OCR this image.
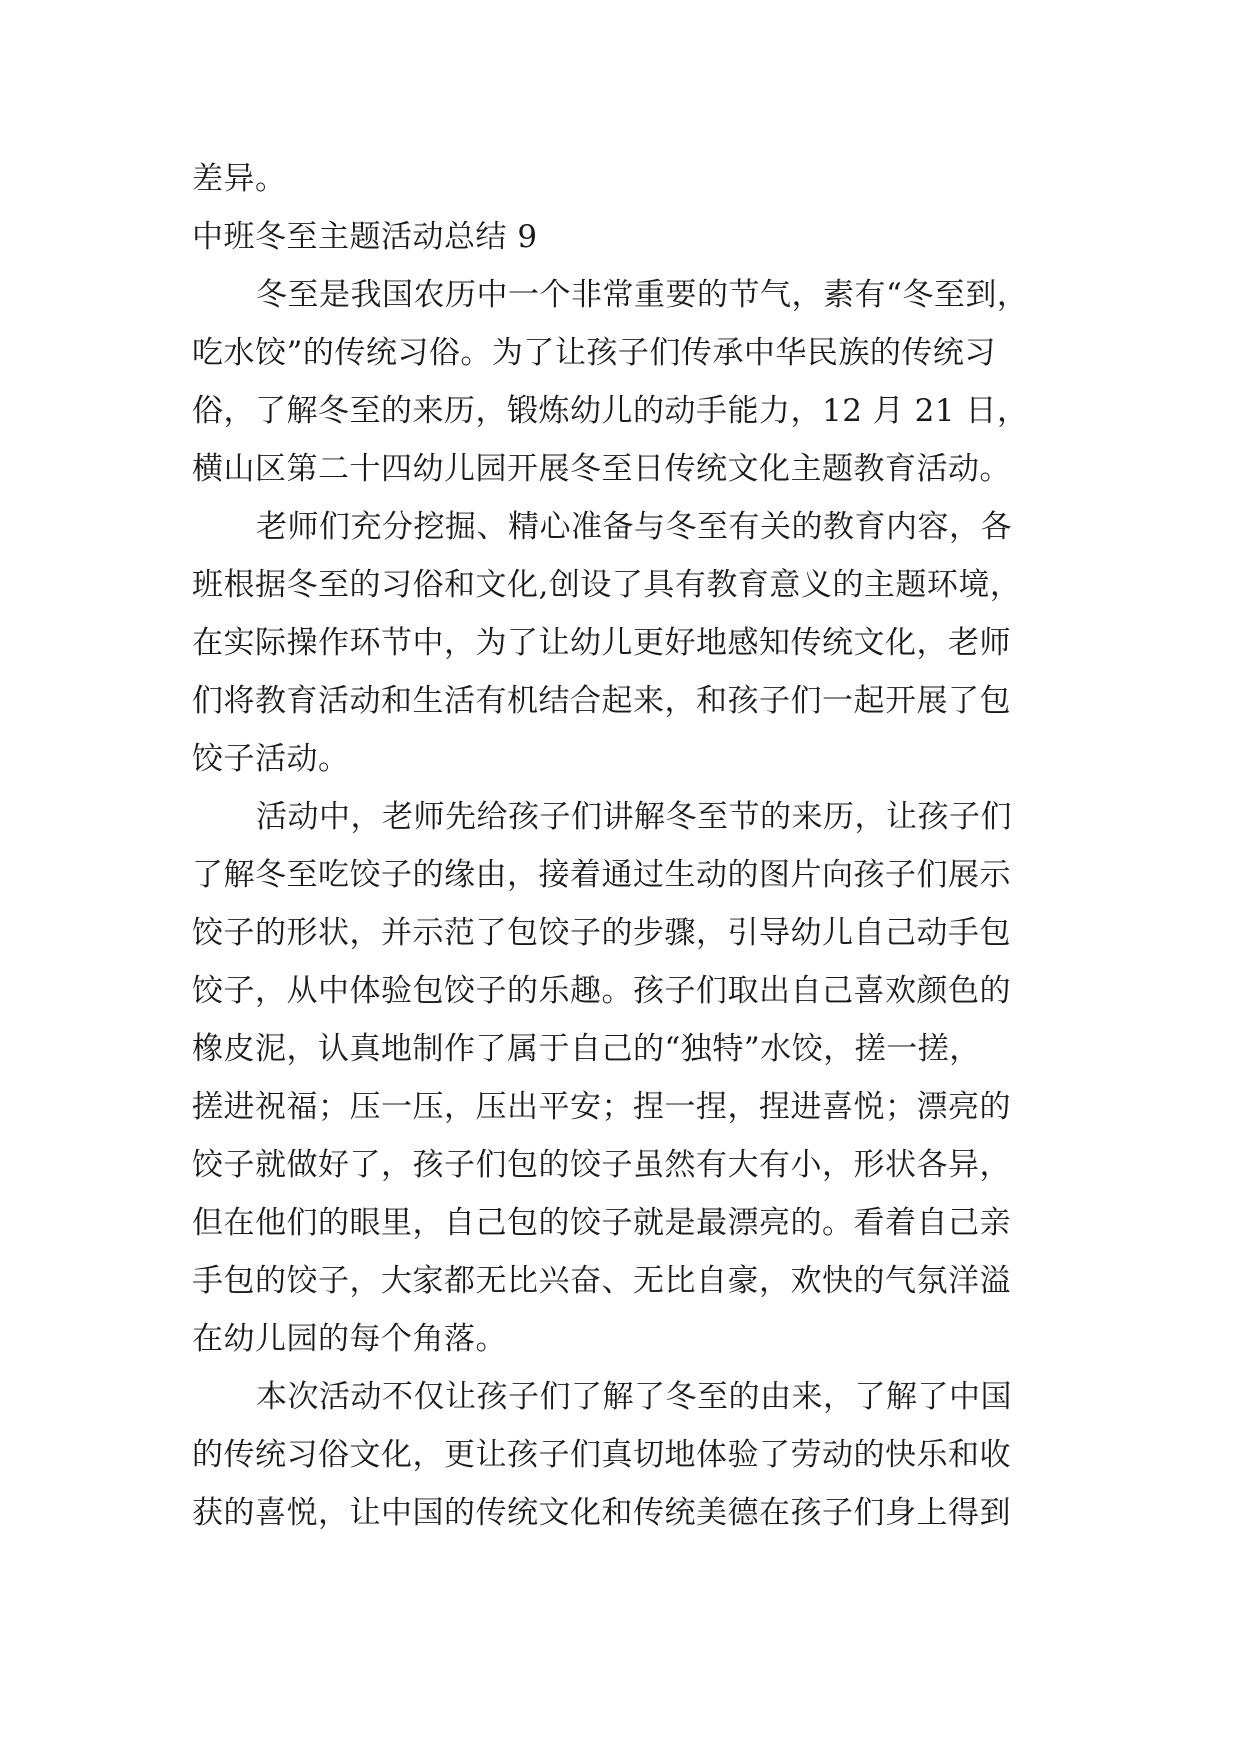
差异。
中班冬至主题活动总结 9
冬至是我国农历中一个非常重要的节气，素有“冬至到，
吃水饺”的传统习俗。为了让孩子们传承中华民族的传统习
俗，了解冬至的来历，锻炼幼儿的动手能力，12 月 21 日，
横山区第二十四幼儿园开展冬至日传统文化主题教育活动。
老师们充分挖掘、精心准备与冬至有关的教育内容，各
班根据冬至的习俗和文化,创设了具有教育意义的主题环境，
在实际操作环节中，为了让幼儿更好地感知传统文化，老师
们将教育活动和生活有机结合起来，和孩子们一起开展了包
饺子活动。
活动中，老师先给孩子们讲解冬至节的来历，让孩子们
了解冬至吃饺子的缘由，接着通过生动的图片向孩子们展示
饺子的形状，并示范了包饺子的步骤，引导幼儿自己动手包
饺子，从中体验包饺子的乐趣。孩子们取出自己喜欢颜色的
橡皮泥，认真地制作了属于自己的“独特”水饺，搓一搓，
搓进祝福；压一压，压出平安；捏一捏，捏进喜悦；漂亮的
饺子就做好了，孩子们包的饺子虽然有大有小，形状各异，
但在他们的眼里，自己包的饺子就是最漂亮的。看着自己亲
手包的饺子，大家都无比兴奋、无比自豪，欢快的气氛洋溢
在幼儿园的每个角落。
本次活动不仅让孩子们了解了冬至的由来，了解了中国
的传统习俗文化，更让孩子们真切地体验了劳动的快乐和收
获的喜悦，让中国的传统文化和传统美德在孩子们身上得到
